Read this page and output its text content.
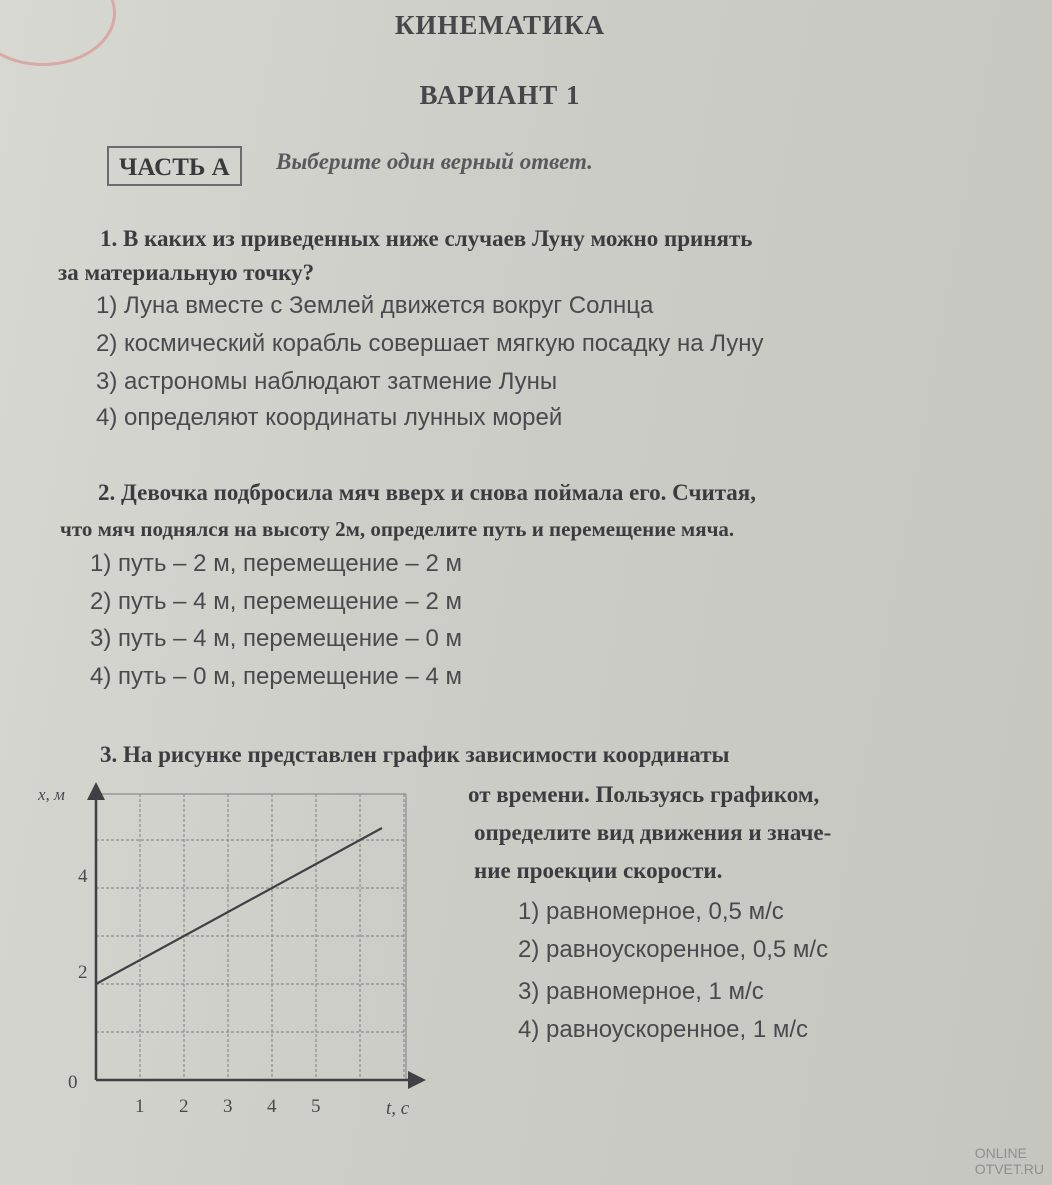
КИНЕМАТИКА
ВАРИАНТ 1
ЧАСТЬ А	Выберите один верный ответ.
1. В каких из приведенных ниже случаев Луну можно принять
за материальную точку?
1) Луна вместе с Землей движется вокруг Солнца
2) космический корабль совершает мягкую посадку на Луну
3) астрономы наблюдают затмение Луны
4) определяют координаты лунных морей
2. Девочка подбросила мяч вверх и снова поймала его. Считая,
что мяч поднялся на высоту 2м, определите путь и перемещение мяча.
1) путь – 2 м, перемещение – 2 м
2) путь – 4 м, перемещение – 2 м
3) путь – 4 м, перемещение – 0 м
4) путь – 0 м, перемещение – 4 м
3. На рисунке представлен график зависимости координаты
от времени. Пользуясь графиком,
определите вид движения и значе-
ние проекции скорости.
1) равномерное, 0,5 м/с
2) равноускоренное, 0,5 м/с
3) равномерное, 1 м/с
4) равноускоренное, 1 м/с
1 2 3 4 5
2
4
x, м
t, с
0
ONLINE
OTVET.RU
